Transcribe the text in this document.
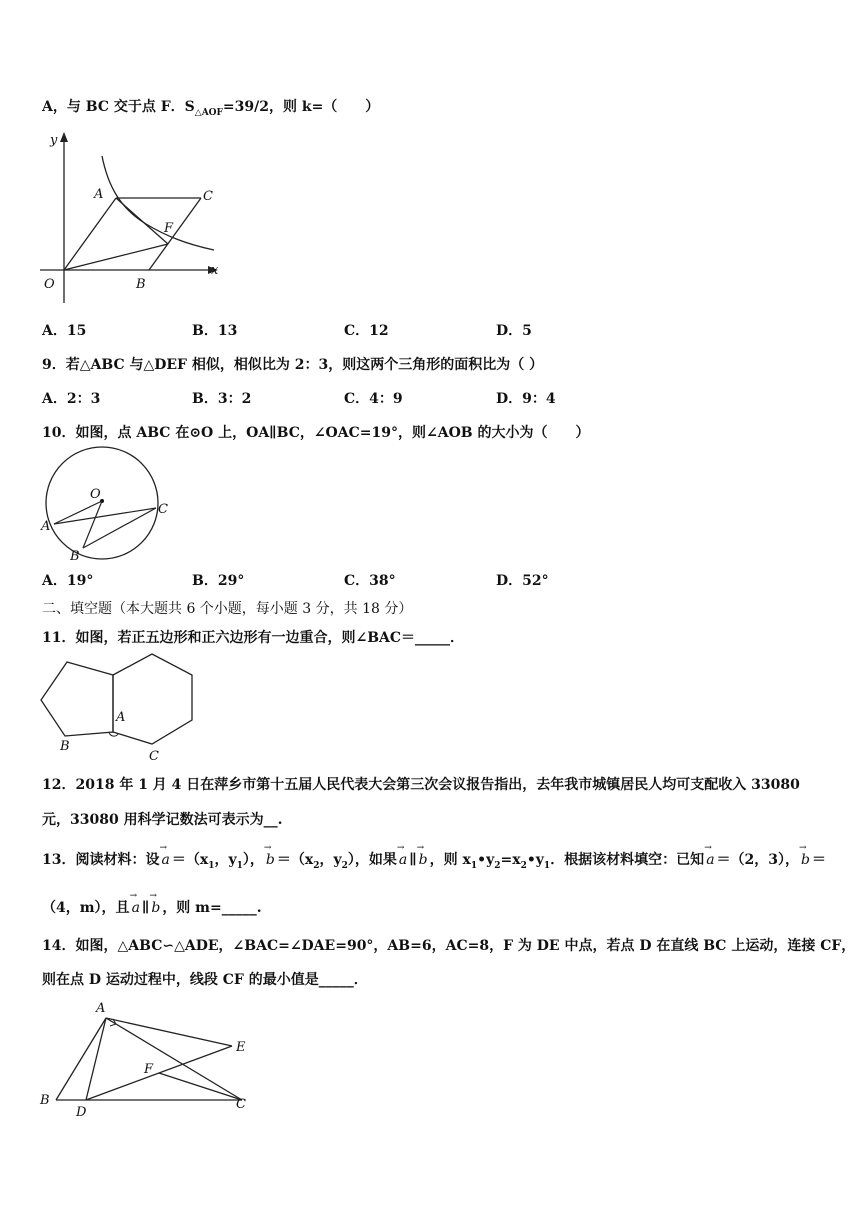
A，与 BC 交于点 F．$S_{\triangle AOF}=39/2$，则 k=（　　）
y
A	C
F
O	B
x
A．15	B．13	C．12	D．5
9．若△ABC 与△DEF 相似，相似比为 2：3，则这两个三角形的面积比为（ ）
A．2：3	B．3：2	C．4：9	D．9：4
10．如图，点 ABC 在⊙O 上，OA∥BC，∠OAC=19°，则∠AOB 的大小为（　　）
O
A
C
B
A．19°	B．29°	C．38°	D．52°
二、填空题（本大题共 6 个小题，每小题 3 分，共 18 分）
11．如图，若正五边形和正六边形有一边重合，则∠BAC＝_____．
A
B
C
12．2018 年 1 月 4 日在萍乡市第十五届人民代表大会第三次会议报告指出，去年我市城镇居民人均可支配收入 33080
元，33080 用科学记数法可表示为__.
13．阅读材料：设 → $a =(x_1$，$y_1$）， → $b =(x_2$，$y_2$），如果 → a ∥ → b ，则 $x_1•y_2=x_2•y_1$．根据该材料填空：已知 → a ＝（2，3）， → b ＝
（4，m），且 → a ∥ → b ，则 m=_____.
14．如图，△ABC∽△ADE，∠BAC=∠DAE=90°，AB=6，AC=8，F 为 DE 中点，若点 D 在直线 BC 上运动，连接 CF，
则在点 D 运动过程中，线段 CF 的最小值是_____．
A
E
F
B
D
C
